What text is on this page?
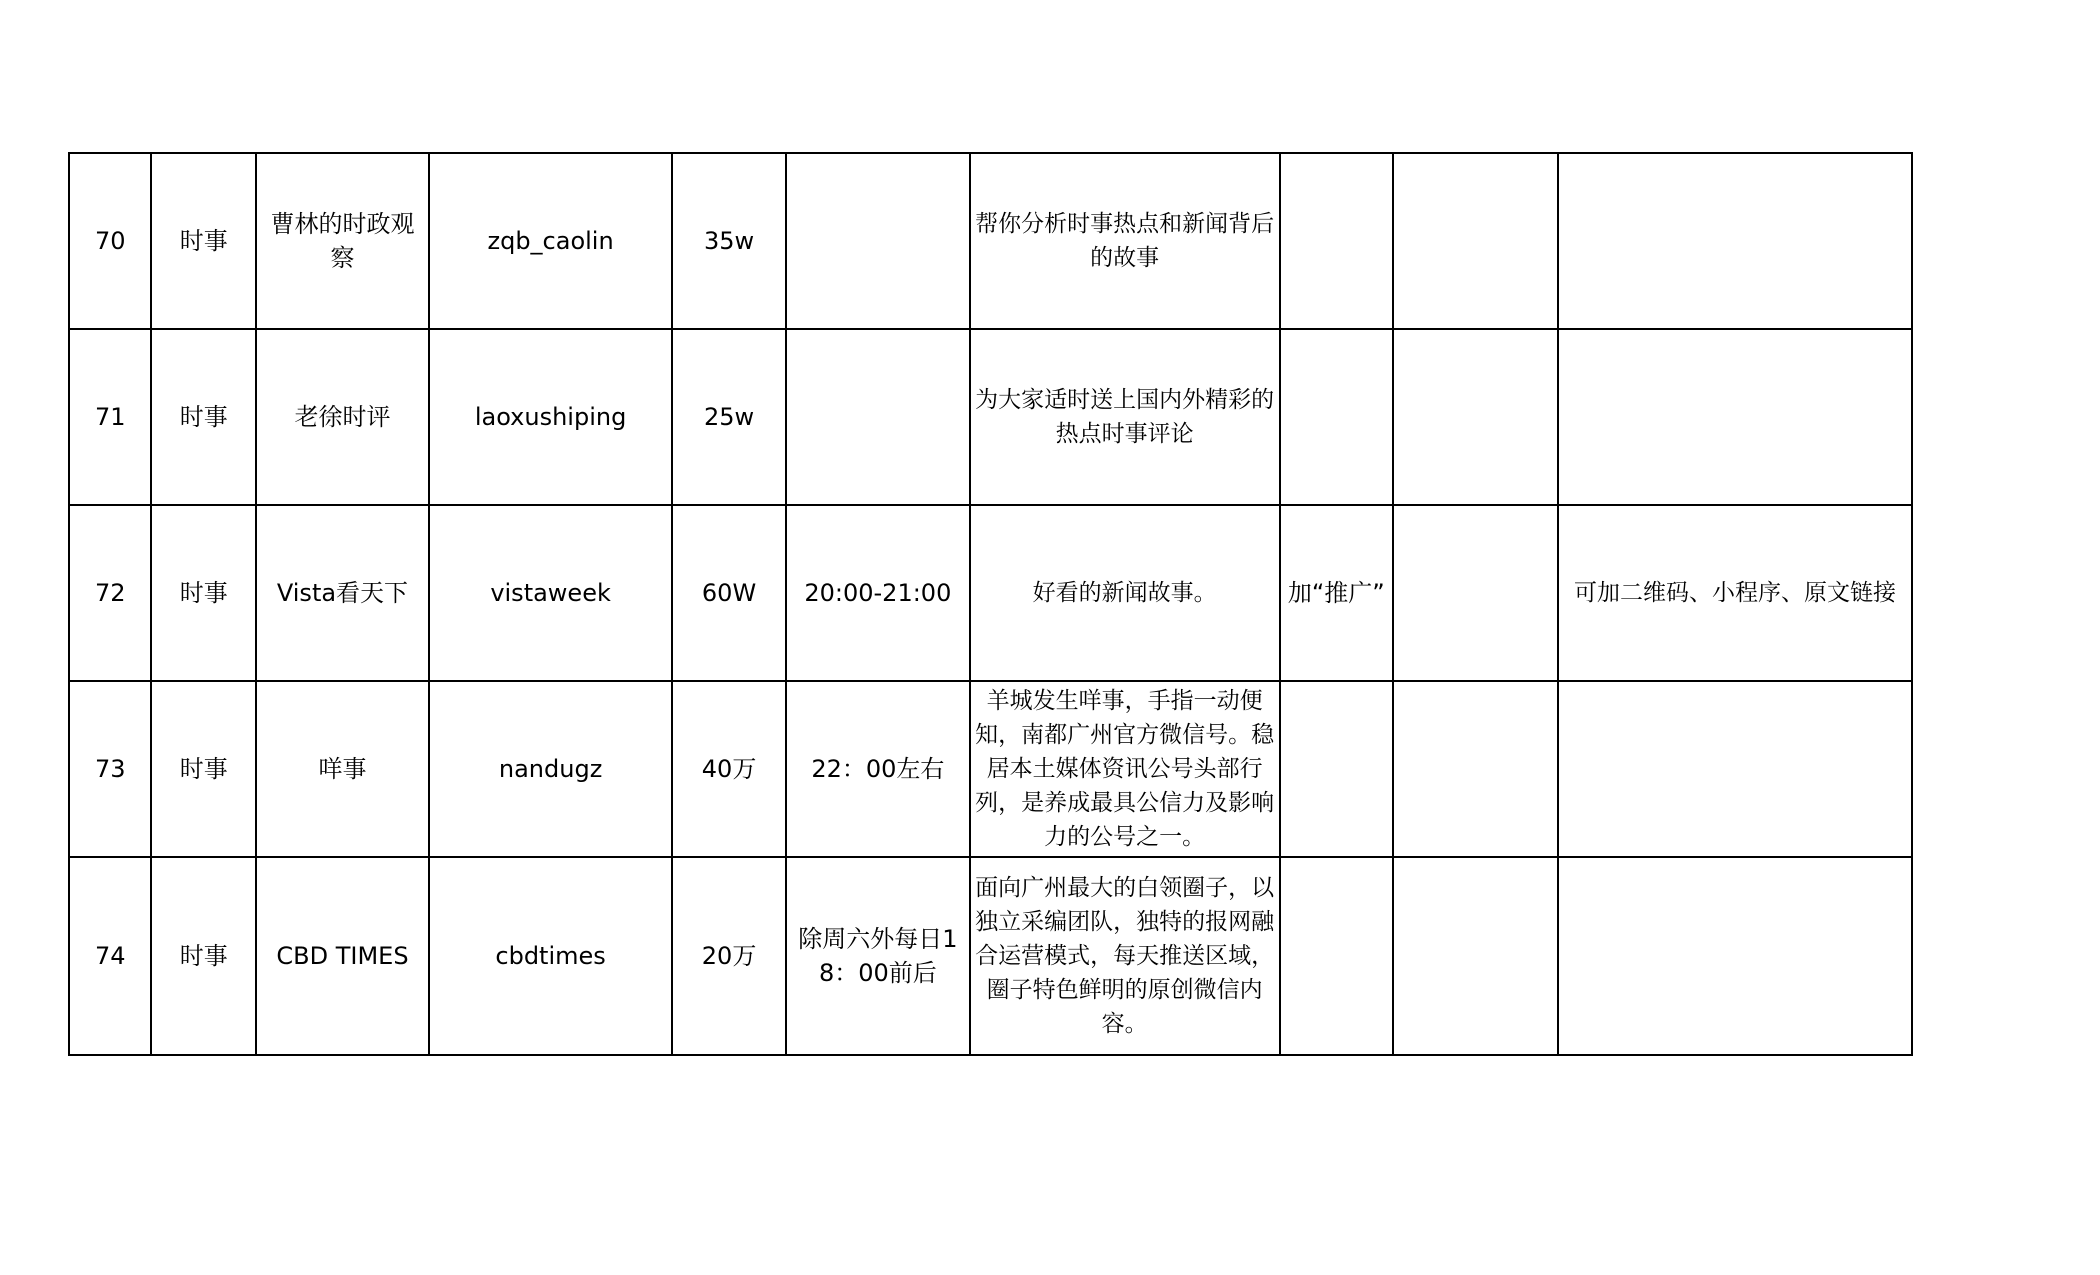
70	时事	曹林的时政观察	zqb_caolin	35w		帮你分析时事热点和新闻背后的故事			
71	时事	老徐时评	laoxushiping	25w		为大家适时送上国内外精彩的热点时事评论			
72	时事	Vista看天下	vistaweek	60W	20:00-21:00	好看的新闻故事。	加“推广”		可加二维码、小程序、原文链接
73	时事	咩事	nandugz	40万	22：00左右	羊城发生咩事，手指一动便知，南都广州官方微信号。稳居本土媒体资讯公号头部行列，是养成最具公信力及影响力的公号之一。			
74	时事	CBD TIMES	cbdtimes	20万	除周六外每日18：00前后	面向广州最大的白领圈子，以独立采编团队，独特的报网融合运营模式，每天推送区域，圈子特色鲜明的原创微信内容。			
